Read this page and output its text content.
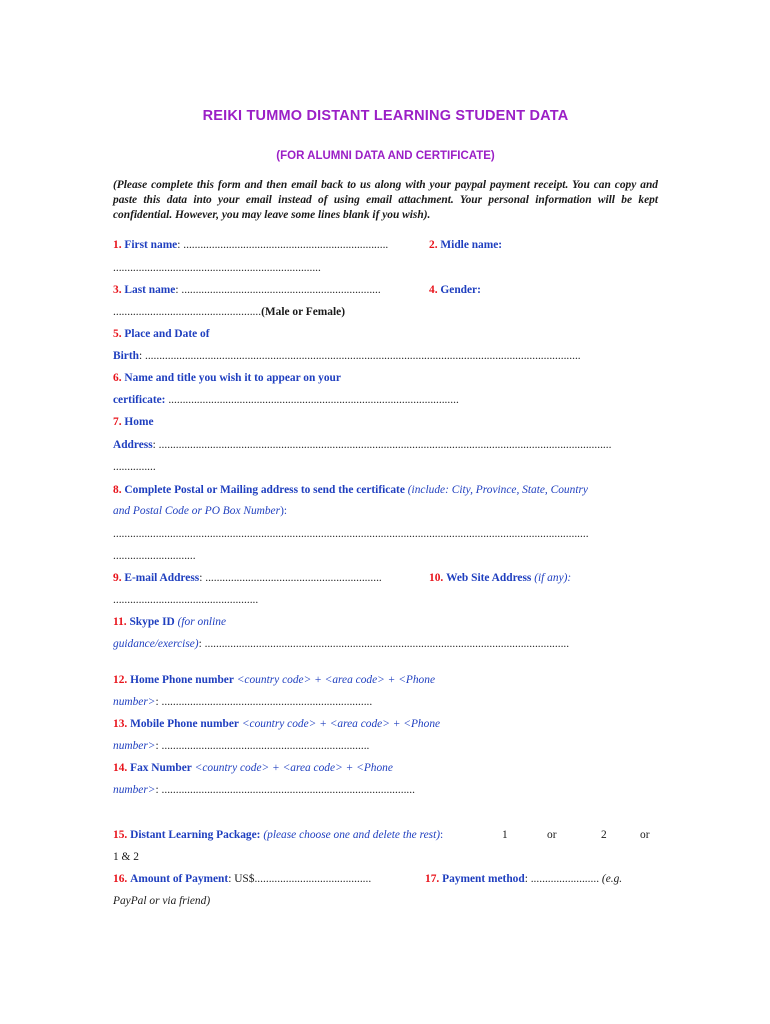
REIKI TUMMO DISTANT LEARNING STUDENT DATA
(FOR ALUMNI DATA AND CERTIFICATE)
(Please complete this form and then email back to us along with your paypal payment receipt. You can copy and paste this data into your email instead of using email attachment. Your personal information will be kept confidential. However, you may leave some lines blank if you wish).
1. First name: ........................................................................	2. Midle name:
.........................................................................
3. Last name: ......................................................................	4. Gender:
....................................................(Male or Female)
5. Place and Date of
Birth: .........................................................................................................................................................
6. Name and title you wish it to appear on your
certificate: ......................................................................................................
7. Home
Address: ...............................................................................................................................................................
...............
8. Complete Postal or Mailing address to send the certificate (include: City, Province, State, Country
and Postal Code or PO Box Number):
.......................................................................................................................................................................
.............................
9. E-mail Address: ..............................................................	10. Web Site Address (if any):
...................................................
11. Skype ID (for online
guidance/exercise): ................................................................................................................................
12. Home Phone number <country code> + <area code> + <Phone
number>: ..........................................................................
13. Mobile Phone number <country code> + <area code> + <Phone
number>: .........................................................................
14. Fax Number <country code> + <area code> + <Phone
number>: .........................................................................................
15. Distant Learning Package: (please choose one and delete the rest):	1	or	2	or
1 & 2
16. Amount of Payment: US$.........................................	17. Payment method: ........................ (e.g.
PayPal or via friend)
